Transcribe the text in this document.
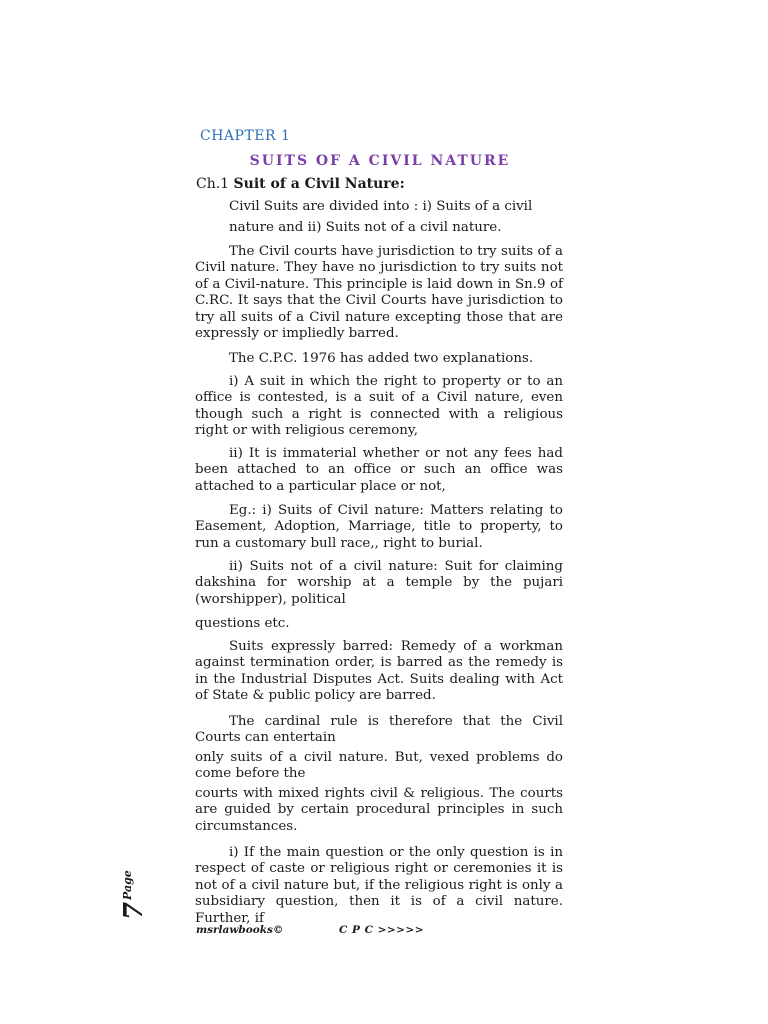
CHAPTER 1
SUITS OF A CIVIL NATURE
Ch.1 Suit of a Civil Nature:
Civil Suits are divided into : i) Suits of a civil
nature and ii) Suits not of a civil nature.
The Civil courts have jurisdiction to try suits of a Civil nature. They have no jurisdiction to try suits not of a Civil-nature. This principle is laid down in Sn.9 of C.RC. It says that the Civil Courts have jurisdiction to try all suits of a Civil nature excepting those that are expressly or impliedly barred.
The C.P.C. 1976 has added two explanations.
i) A suit in which the right to property or to an office is contested, is a suit of a Civil nature, even though such a right is connected with a religious right or with religious ceremony,
ii) It is immaterial whether or not any fees had been attached to an office or such an office was attached to a particular place or not,
Eg.: i) Suits of Civil nature: Matters relating to Easement, Adoption, Marriage, title to property, to run a customary bull race,, right to burial.
ii) Suits not of a civil nature: Suit for claiming dakshina for worship at a temple by the pujari (worshipper), political
questions etc.
Suits expressly barred: Remedy of a workman against termination order, is barred as the remedy is in the Industrial Disputes Act. Suits dealing with Act of State & public policy are barred.
The cardinal rule is therefore that the Civil Courts can entertain
only suits of a civil nature. But, vexed problems do come before the
courts with mixed rights civil & religious. The courts are guided by certain procedural principles in such circumstances.
i) If the main question or the only question is in respect of caste or religious right or ceremonies it is not of a civil nature but, if the religious right is only a subsidiary question, then it is of a civil nature. Further, if
Page
7
msrlawbooks©	C P C >>>>>
